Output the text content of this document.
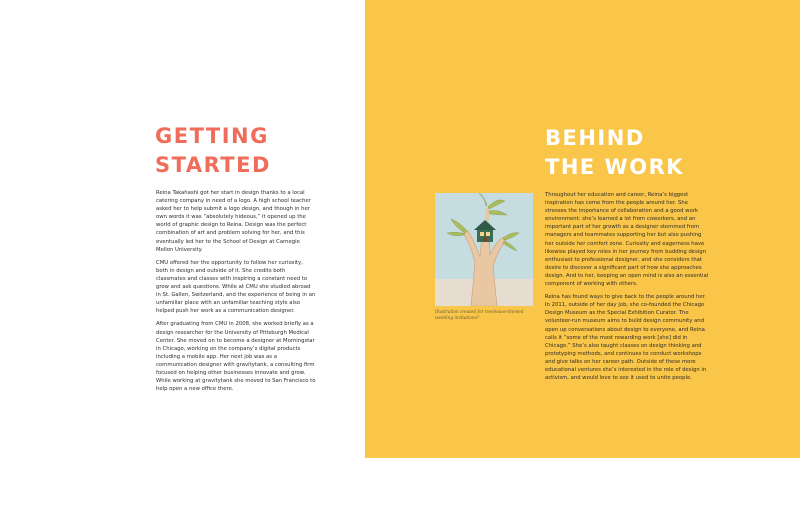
GETTING
STARTED

Reina Takahashi got her start in design thanks to a local catering company in need of a logo. A high school teacher asked her to help submit a logo design, and though in her own words it was “absolutely hideous,” it opened up the world of graphic design to Reina. Design was the perfect combination of art and problem solving for her, and this eventually led her to the School of Design at Carnegie Mellon University.

CMU offered her the opportunity to follow her curiosity, both in design and outside of it. She credits both classmates and classes with inspiring a constant need to grow and ask questions. While at CMU she studied abroad in St. Gallen, Switzerland, and the experience of being in an unfamiliar place with an unfamiliar teaching style also helped push her work as a communication designer.

After graduating from CMU in 2008, she worked briefly as a design researcher for the University of Pittsburgh Medical Center. She moved on to become a designer at Morningstar in Chicago, working on the company’s digital products including a mobile app. Her next job was as a communication designer with gravitytank, a consulting firm focused on helping other businesses innovate and grow. While working at gravitytank she moved to San Francisco to help open a new office there.

BEHIND
THE WORK
Illustration created for treehouse-themed wedding invitations?

Throughout her education and career, Reina’s biggest inspiration has come from the people around her. She stresses the importance of collaboration and a good work environment: she’s learned a lot from coworkers, and an important part of her growth as a designer stemmed from managers and teammates supporting her but also pushing her outside her comfort zone. Curiosity and eagerness have likewise played key roles in her journey from budding design enthusiast to professional designer, and she considers that desire to discover a significant part of how she approaches design. And to her, keeping an open mind is also an essential component of working with others.

Reina has found ways to give back to the people around her. In 2011, outside of her day job, she co-founded the Chicago Design Museum as the Special Exhibition Curator. The volunteer-run museum aims to build design community and open up conversations about design to everyone, and Reina calls it “some of the most rewarding work [she] did in Chicago.” She’s also taught classes on design thinking and prototyping methods, and continues to conduct workshops and give talks on her career path. Outside of these more educational ventures she’s interested in the role of design in activism, and would love to see it used to unite people.
